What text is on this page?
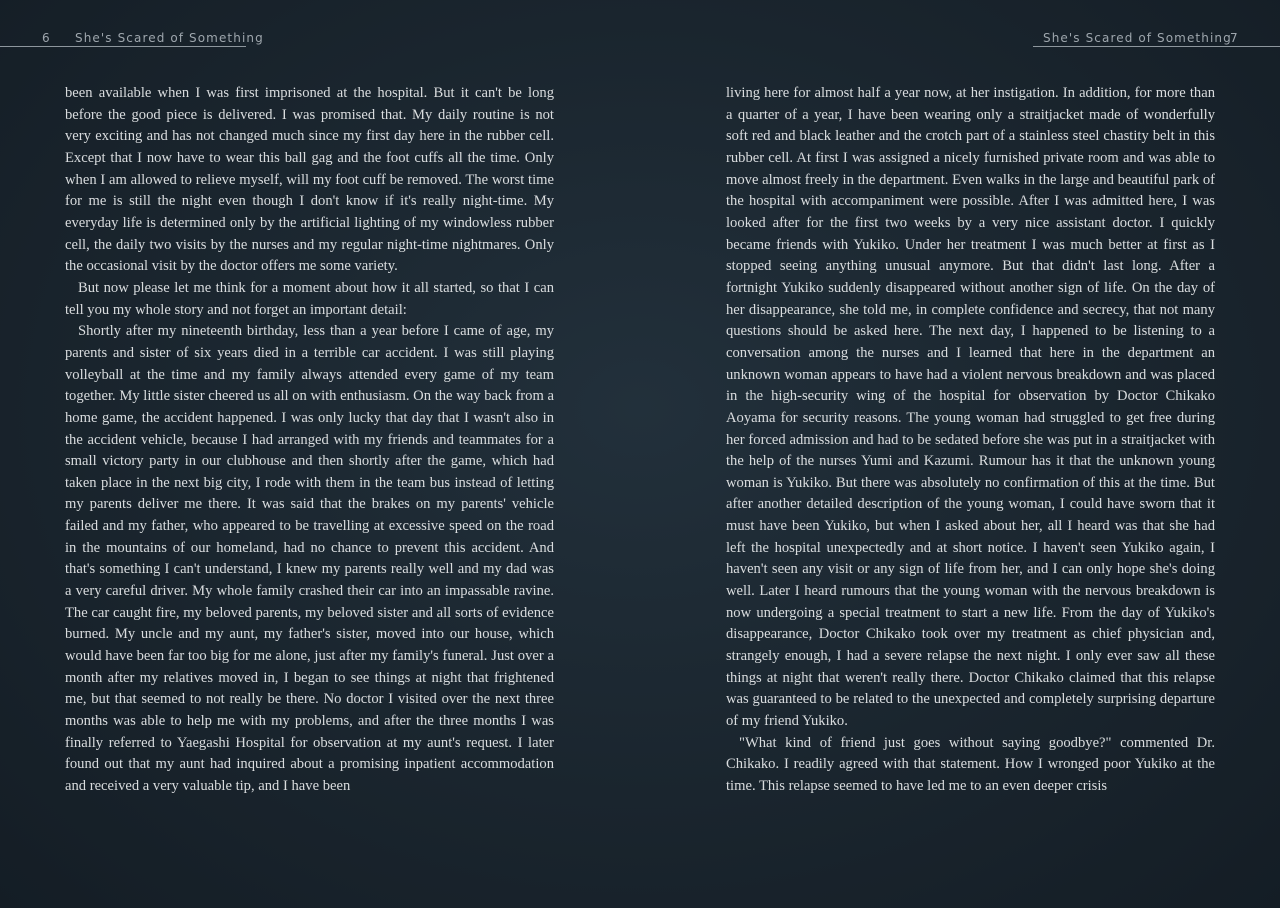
6 She's Scared of Something

been available when I was first imprisoned at the hospital. But it can't be long before the good piece is delivered. I was promised that. My daily routine is not very exciting and has not changed much since my first day here in the rubber cell. Except that I now have to wear this ball gag and the foot cuffs all the time. Only when I am allowed to relieve myself, will my foot cuff be removed. The worst time for me is still the night even though I don't know if it's really night-time. My everyday life is determined only by the artificial lighting of my windowless rubber cell, the daily two visits by the nurses and my regular night-time nightmares. Only the occasional visit by the doctor offers me some variety.

But now please let me think for a moment about how it all started, so that I can tell you my whole story and not forget an important detail:

Shortly after my nineteenth birthday, less than a year before I came of age, my parents and sister of six years died in a terrible car accident. I was still playing volleyball at the time and my family always attended every game of my team together. My little sister cheered us all on with enthusiasm. On the way back from a home game, the accident happened. I was only lucky that day that I wasn't also in the accident vehicle, because I had arranged with my friends and teammates for a small victory party in our clubhouse and then shortly after the game, which had taken place in the next big city, I rode with them in the team bus instead of letting my parents deliver me there. It was said that the brakes on my parents' vehicle failed and my father, who appeared to be travelling at excessive speed on the road in the mountains of our homeland, had no chance to prevent this accident. And that's something I can't understand, I knew my parents really well and my dad was a very careful driver. My whole family crashed their car into an impassable ravine. The car caught fire, my beloved parents, my beloved sister and all sorts of evidence burned. My uncle and my aunt, my father's sister, moved into our house, which would have been far too big for me alone, just after my family's funeral. Just over a month after my relatives moved in, I began to see things at night that frightened me, but that seemed to not really be there. No doctor I visited over the next three months was able to help me with my problems, and after the three months I was finally referred to Yaegashi Hospital for observation at my aunt's request. I later found out that my aunt had inquired about a promising inpatient accommodation and received a very valuable tip, and I have been

She's Scared of Something
7

living here for almost half a year now, at her instigation. In addition, for more than a quarter of a year, I have been wearing only a straitjacket made of wonderfully soft red and black leather and the crotch part of a stainless steel chastity belt in this rubber cell. At first I was assigned a nicely furnished private room and was able to move almost freely in the department. Even walks in the large and beautiful park of the hospital with accompaniment were possible. After I was admitted here, I was looked after for the first two weeks by a very nice assistant doctor. I quickly became friends with Yukiko. Under her treatment I was much better at first as I stopped seeing anything unusual anymore. But that didn't last long. After a fortnight Yukiko suddenly disappeared without another sign of life. On the day of her disappearance, she told me, in complete confidence and secrecy, that not many questions should be asked here. The next day, I happened to be listening to a conversation among the nurses and I learned that here in the department an unknown woman appears to have had a violent nervous breakdown and was placed in the high-security wing of the hospital for observation by Doctor Chikako Aoyama for security reasons. The young woman had struggled to get free during her forced admission and had to be sedated before she was put in a straitjacket with the help of the nurses Yumi and Kazumi. Rumour has it that the unknown young woman is Yukiko. But there was absolutely no confirmation of this at the time. But after another detailed description of the young woman, I could have sworn that it must have been Yukiko, but when I asked about her, all I heard was that she had left the hospital unexpectedly and at short notice. I haven't seen Yukiko again, I haven't seen any visit or any sign of life from her, and I can only hope she's doing well. Later I heard rumours that the young woman with the nervous breakdown is now undergoing a special treatment to start a new life. From the day of Yukiko's disappearance, Doctor Chikako took over my treatment as chief physician and, strangely enough, I had a severe relapse the next night. I only ever saw all these things at night that weren't really there. Doctor Chikako claimed that this relapse was guaranteed to be related to the unexpected and completely surprising departure of my friend Yukiko.

"What kind of friend just goes without saying goodbye?" commented Dr. Chikako. I readily agreed with that statement. How I wronged poor Yukiko at the time. This relapse seemed to have led me to an even deeper crisis
